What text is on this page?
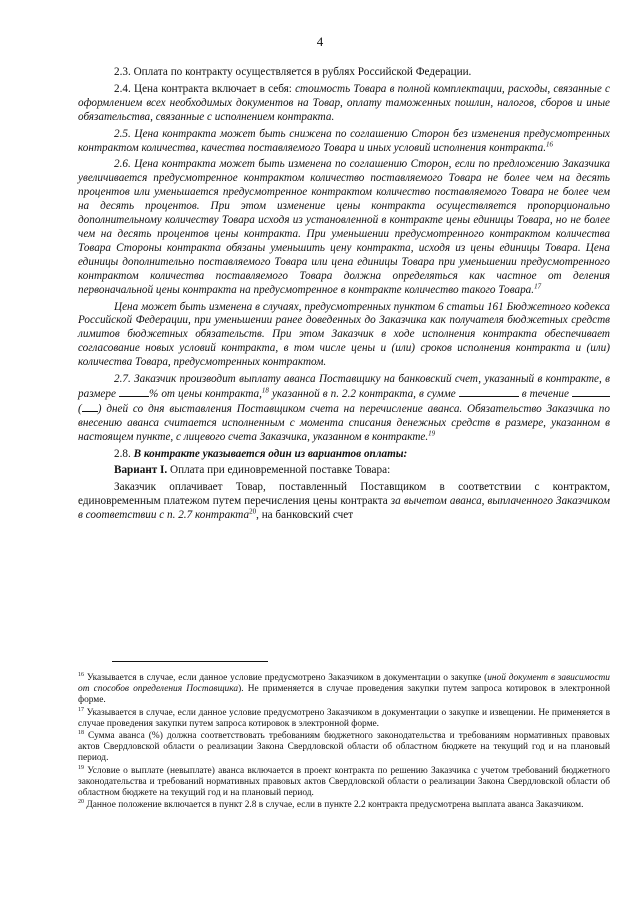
4

2.3. Оплата по контракту осуществляется в рублях Российской Федерации.

2.4. Цена контракта включает в себя: стоимость Товара в полной комплектации, расходы, связанные с оформлением всех необходимых документов на Товар, оплату таможенных пошлин, налогов, сборов и иные обязательства, связанные с исполнением контракта.

2.5. Цена контракта может быть снижена по соглашению Сторон без изменения предусмотренных контрактом количества, качества поставляемого Товара и иных условий исполнения контракта.$^{16}$

2.6. Цена контракта может быть изменена по соглашению Сторон, если по предложению Заказчика увеличивается предусмотренное контрактом количество поставляемого Товара не более чем на десять процентов или уменьшается предусмотренное контрактом количество поставляемого Товара не более чем на десять процентов. При этом изменение цены контракта осуществляется пропорционально дополнительному количеству Товара исходя из установленной в контракте цены единицы Товара, но не более чем на десять процентов цены контракта. При уменьшении предусмотренного контрактом количества Товара Стороны контракта обязаны уменьшить цену контракта, исходя из цены единицы Товара. Цена единицы дополнительно поставляемого Товара или цена единицы Товара при уменьшении предусмотренного контрактом количества поставляемого Товара должна определяться как частное от деления первоначальной цены контракта на предусмотренное в контракте количество такого Товара.$^{17}$

Цена может быть изменена в случаях, предусмотренных пунктом 6 статьи 161 Бюджетного кодекса Российской Федерации, при уменьшении ранее доведенных до Заказчика как получателя бюджетных средств лимитов бюджетных обязательств. При этом Заказчик в ходе исполнения контракта обеспечивает согласование новых условий контракта, в том числе цены и (или) сроков исполнения контракта и (или) количества Товара, предусмотренных контрактом.

2.7. Заказчик производит выплату аванса Поставщику на банковский счет, указанный в контракте, в размере	% от цены контракта,$^{18}$ указанной в п. 2.2 контракта, в сумме	в течение  ( ) дней со дня выставления Поставщиком счета на перечисление аванса. Обязательство Заказчика по внесению аванса считается исполненным с момента списания денежных средств в размере, указанном в настоящем пункте, с лицевого счета Заказчика, указанном в контракте.$^{19}$

2.8. В контракте указывается один из вариантов оплаты:

Вариант I. Оплата при единовременной поставке Товара:

Заказчик оплачивает Товар, поставленный Поставщиком в соответствии с контрактом, единовременным платежом путем перечисления цены контракта за вычетом аванса, выплаченного Заказчиком в соответствии с п. 2.7 контракта$^{20}$, на банковский счет

$^{16}$ Указывается в случае, если данное условие предусмотрено Заказчиком в документации о закупке (иной документ в зависимости от способов определения Поставщика). Не применяется в случае проведения закупки путем запроса котировок в электронной форме.

$^{17}$ Указывается в случае, если данное условие предусмотрено Заказчиком в документации о закупке и извещении. Не применяется в случае проведения закупки путем запроса котировок в электронной форме.

$^{18}$ Сумма аванса (%) должна соответствовать требованиям бюджетного законодательства и требованиям нормативных правовых актов Свердловской области о реализации Закона Свердловской области об областном бюджете на текущий год и на плановый период.

$^{19}$ Условие о выплате (невыплате) аванса включается в проект контракта по решению Заказчика с учетом требований бюджетного законодательства и требований нормативных правовых актов Свердловской области о реализации Закона Свердловской области об областном бюджете на текущий год и на плановый период.

$^{20}$ Данное положение включается в пункт 2.8 в случае, если в пункте 2.2 контракта предусмотрена выплата аванса Заказчиком.
